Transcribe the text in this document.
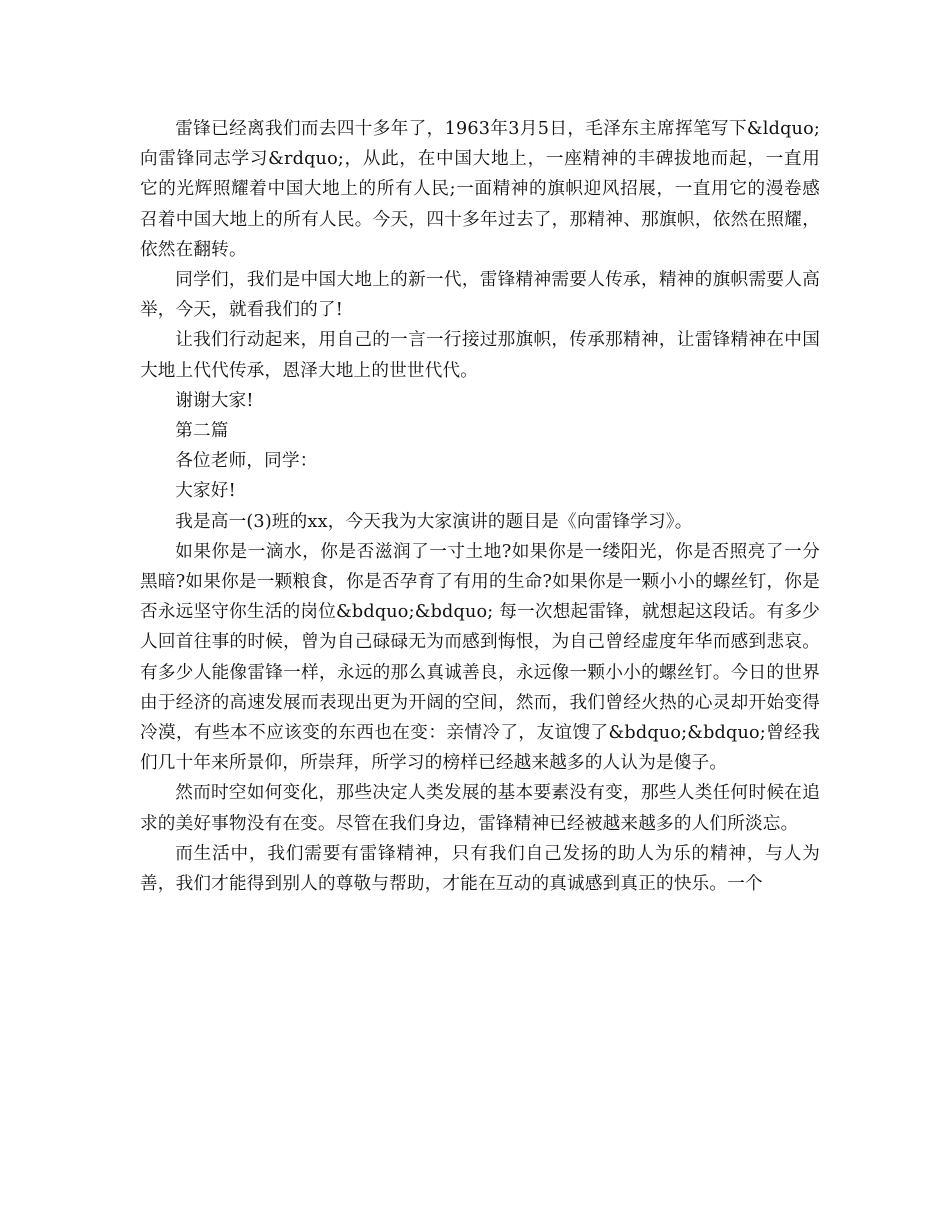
雷锋已经离我们而去四十多年了，1963年3月5日，毛泽东主席挥笔写下&ldquo;向雷锋同志学习&rdquo;，从此，在中国大地上，一座精神的丰碑拔地而起，一直用它的光辉照耀着中国大地上的所有人民;一面精神的旗帜迎风招展，一直用它的漫卷感召着中国大地上的所有人民。今天，四十多年过去了，那精神、那旗帜，依然在照耀，依然在翻转。

同学们，我们是中国大地上的新一代，雷锋精神需要人传承，精神的旗帜需要人高举，今天，就看我们的了!

让我们行动起来，用自己的一言一行接过那旗帜，传承那精神，让雷锋精神在中国大地上代代传承，恩泽大地上的世世代代。

谢谢大家!

第二篇

各位老师，同学：

大家好!

我是高一(3)班的xx，今天我为大家演讲的题目是《向雷锋学习》。

如果你是一滴水，你是否滋润了一寸土地?如果你是一缕阳光，你是否照亮了一分黑暗?如果你是一颗粮食，你是否孕育了有用的生命?如果你是一颗小小的螺丝钉，你是否永远坚守你生活的岗位&bdquo;&bdquo; 每一次想起雷锋，就想起这段话。有多少人回首往事的时候，曾为自己碌碌无为而感到悔恨，为自己曾经虚度年华而感到悲哀。有多少人能像雷锋一样，永远的那么真诚善良，永远像一颗小小的螺丝钉。今日的世界由于经济的高速发展而表现出更为开阔的空间，然而，我们曾经火热的心灵却开始变得冷漠，有些本不应该变的东西也在变：亲情冷了，友谊馊了&bdquo;&bdquo;曾经我们几十年来所景仰，所崇拜，所学习的榜样已经越来越多的人认为是傻子。

然而时空如何变化，那些决定人类发展的基本要素没有变，那些人类任何时候在追求的美好事物没有在变。尽管在我们身边，雷锋精神已经被越来越多的人们所淡忘。

而生活中，我们需要有雷锋精神，只有我们自己发扬的助人为乐的精神，与人为善，我们才能得到别人的尊敬与帮助，才能在互动的真诚感到真正的快乐。一个
